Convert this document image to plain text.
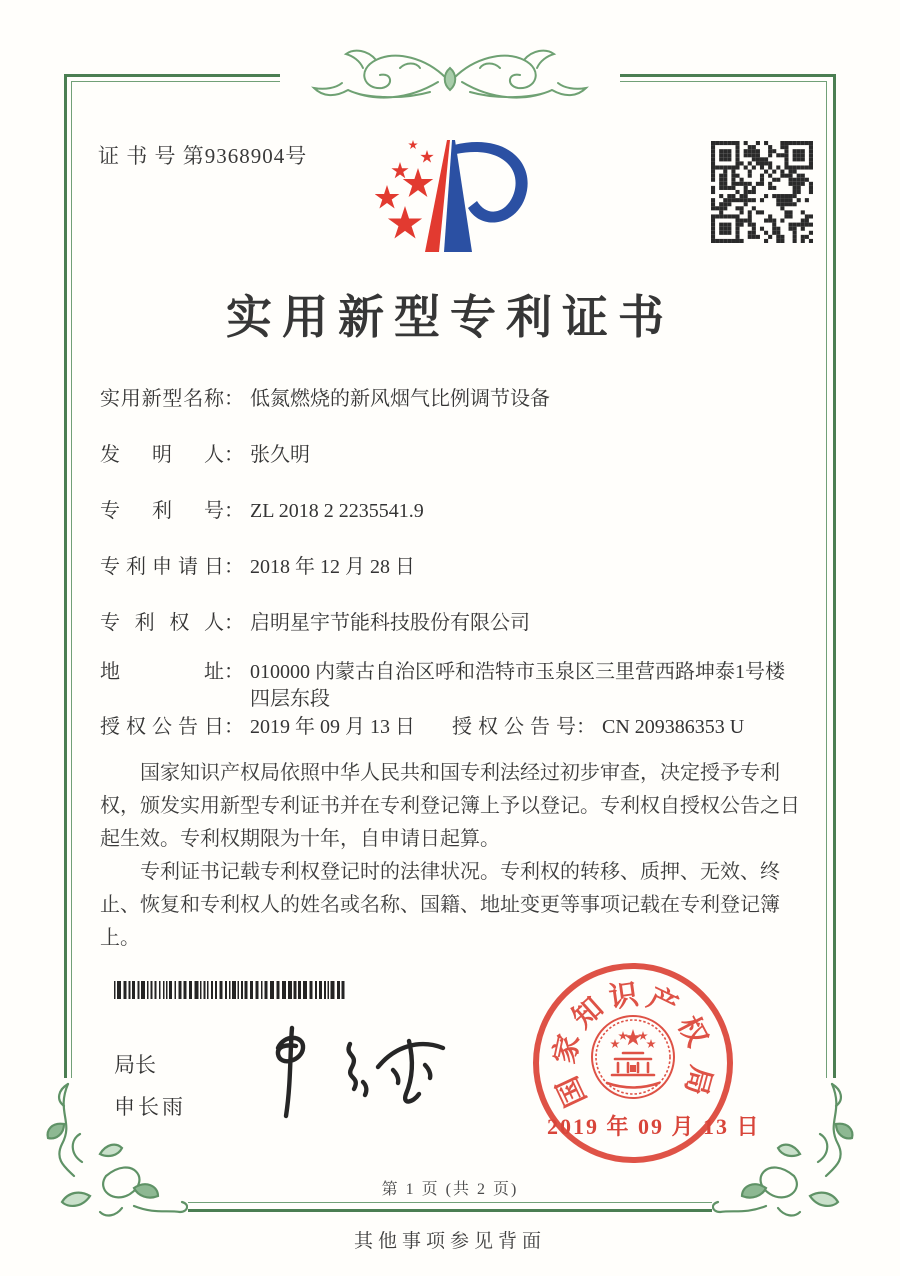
证 书 号 第9368904号
实用新型专利证书
实用新型名称 ： 低氮燃烧的新风烟气比例调节设备
发明人 ： 张久明
专利号 ： ZL 2018 2 2235541.9
专利申请日 ： 2018 年 12 月 28 日
专利权人 ： 启明星宇节能科技股份有限公司
地址 ： 010000 内蒙古自治区呼和浩特市玉泉区三里营西路坤泰1号楼四层东段
授权公告日 ： 2019 年 09 月 13 日	授权公告号 ： CN 209386353 U

国家知识产权局依照中华人民共和国专利法经过初步审查，决定授予专利权，颁发实用新型专利证书并在专利登记簿上予以登记。专利权自授权公告之日起生效。专利权期限为十年，自申请日起算。

专利证书记载专利权登记时的法律状况。专利权的转移、质押、无效、终止、恢复和专利权人的姓名或名称、国籍、地址变更等事项记载在专利登记簿上。

局长
申长雨	国
家
知
识 产
权
局
2019 年 09 月 13 日
第 1 页 (共 2 页)
其他事项参见背面
